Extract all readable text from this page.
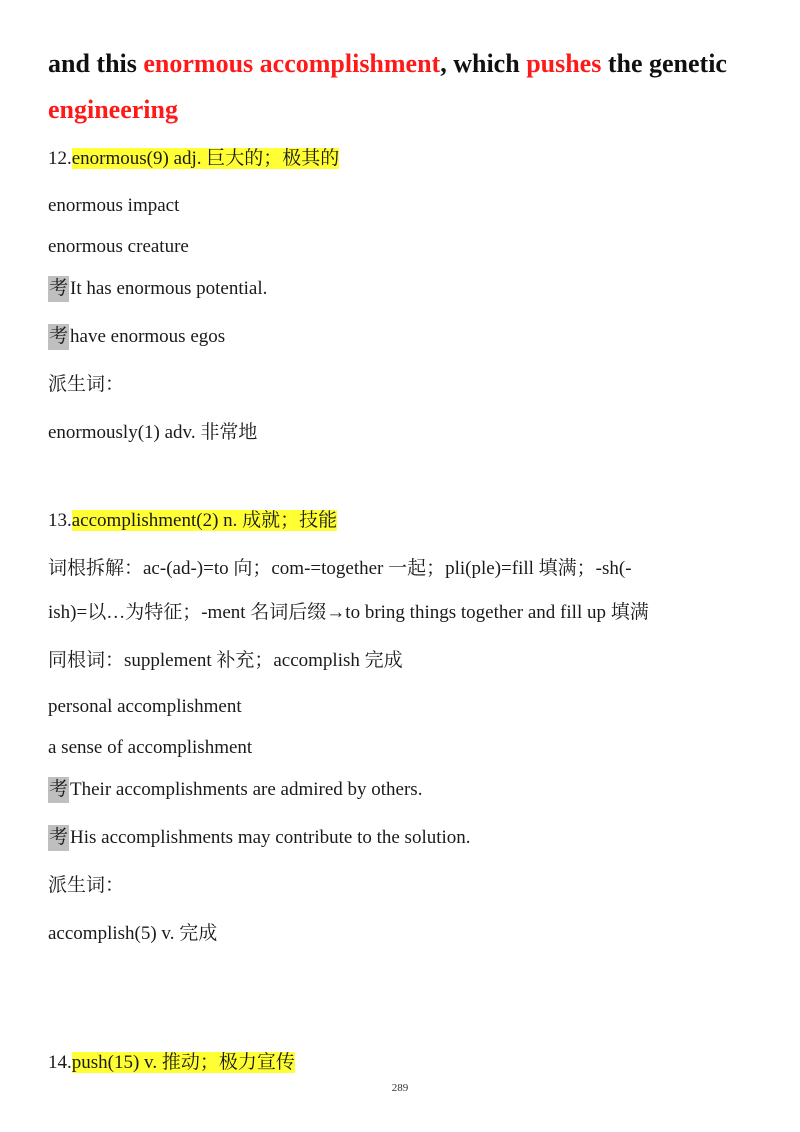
and this enormous accomplishment, which pushes the genetic
engineering
12.enormous(9) adj. 巨大的；极其的
enormous impact
enormous creature
考 It has enormous potential.
考 have enormous egos
派生词：
enormously(1) adv. 非常地
13.accomplishment(2) n. 成就；技能
词根拆解：ac-(ad-)=to 向；com-=together 一起；pli(ple)=fill 填满；-sh(-
ish)=以…为特征；-ment 名词后缀→to bring things together and fill up 填满
同根词：supplement 补充；accomplish 完成
personal accomplishment
a sense of accomplishment
考 Their accomplishments are admired by others.
考 His accomplishments may contribute to the solution.
派生词：
accomplish(5) v. 完成
14.push(15) v. 推动；极力宣传
289
